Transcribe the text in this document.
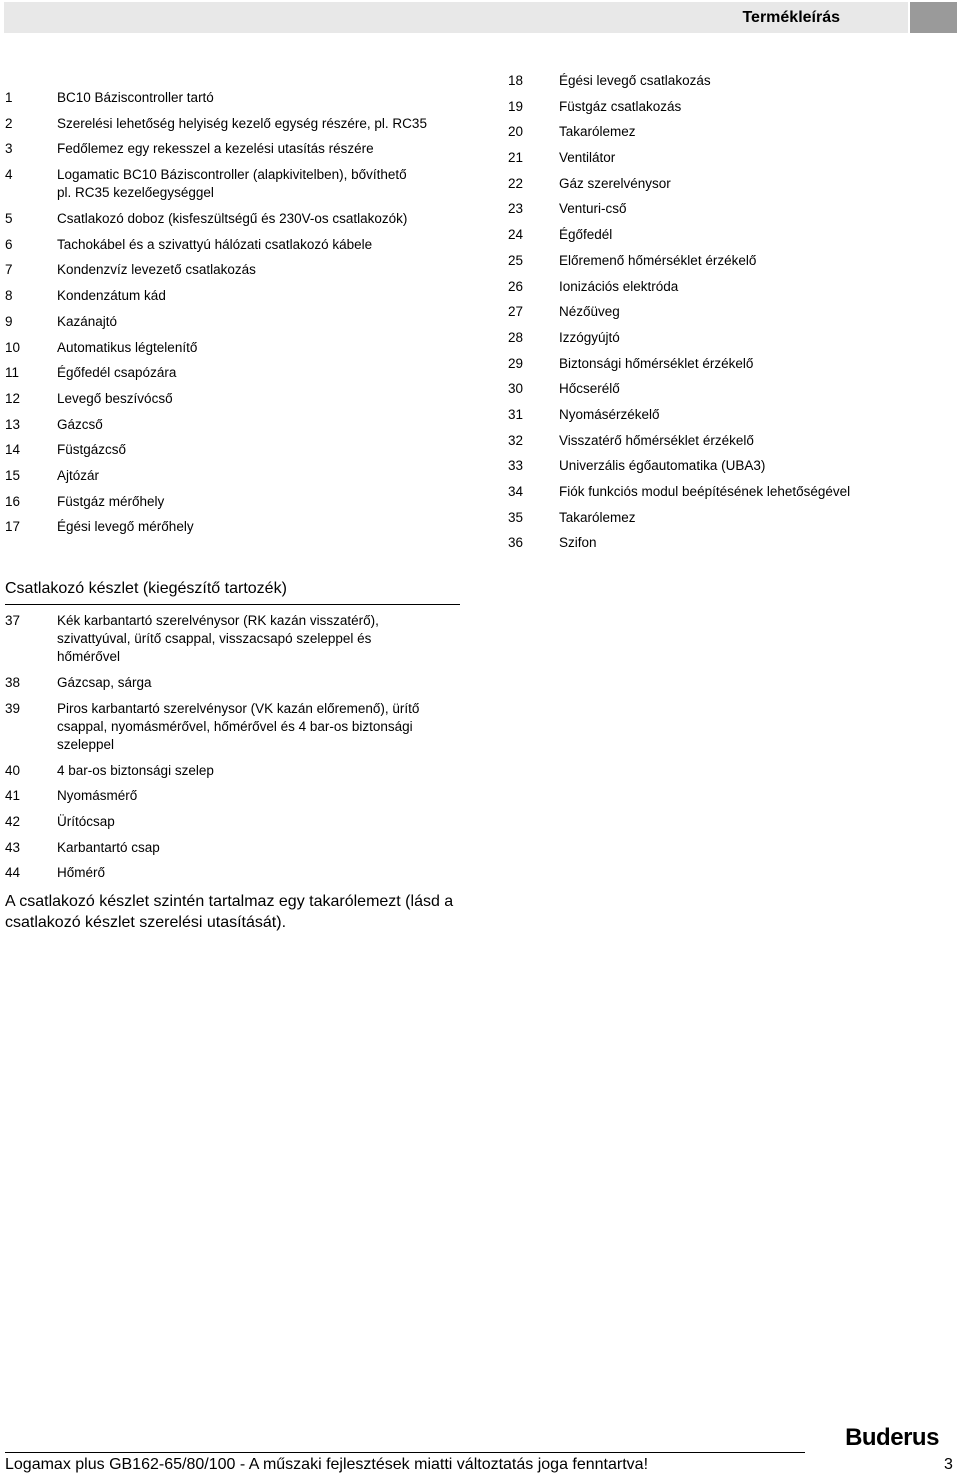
Termékleírás
1	BC10 Báziscontroller tartó
2	Szerelési lehetőség helyiség kezelő egység részére, pl. RC35
3	Fedőlemez egy rekesszel a kezelési utasítás részére
4	Logamatic BC10 Báziscontroller (alapkivitelben), bővíthető pl. RC35 kezelőegységgel
5	Csatlakozó doboz (kisfeszültségű és 230V-os csatlakozók)
6	Tachokábel és a szivattyú hálózati csatlakozó kábele
7	Kondenzvíz levezető csatlakozás
8	Kondenzátum kád
9	Kazánajtó
10	Automatikus légtelenítő
11	Égőfedél csapózára
12	Levegő beszívócső
13	Gázcső
14	Füstgázcső
15	Ajtózár
16	Füstgáz mérőhely
17	Égési levegő mérőhely
18	Égési levegő csatlakozás
19	Füstgáz csatlakozás
20	Takarólemez
21	Ventilátor
22	Gáz szerelvénysor
23	Venturi-cső
24	Égőfedél
25	Előremenő hőmérséklet érzékelő
26	Ionizációs elektróda
27	Nézőüveg
28	Izzógyújtó
29	Biztonsági hőmérséklet érzékelő
30	Hőcserélő
31	Nyomásérzékelő
32	Visszatérő hőmérséklet érzékelő
33	Univerzális égőautomatika (UBA3)
34	Fiók funkciós modul beépítésének lehetőségével
35	Takarólemez
36	Szifon
Csatlakozó készlet (kiegészítő tartozék)
37	Kék karbantartó szerelvénysor (RK kazán visszatérő), szivattyúval, ürítő csappal, visszacsapó szeleppel és hőmérővel
38	Gázcsap, sárga
39	Piros karbantartó szerelvénysor (VK kazán előremenő), ürítő csappal, nyomásmérővel, hőmérővel és 4 bar-os biztonsági szeleppel
40	4 bar-os biztonsági szelep
41	Nyomásmérő
42	Ürítócsap
43	Karbantartó csap
44	Hőmérő
A csatlakozó készlet szintén tartalmaz egy takarólemezt (lásd a csatlakozó készlet szerelési utasítását).
Buderus
Logamax plus GB162-65/80/100 - A műszaki fejlesztések miatti változtatás joga fenntartva!	3
